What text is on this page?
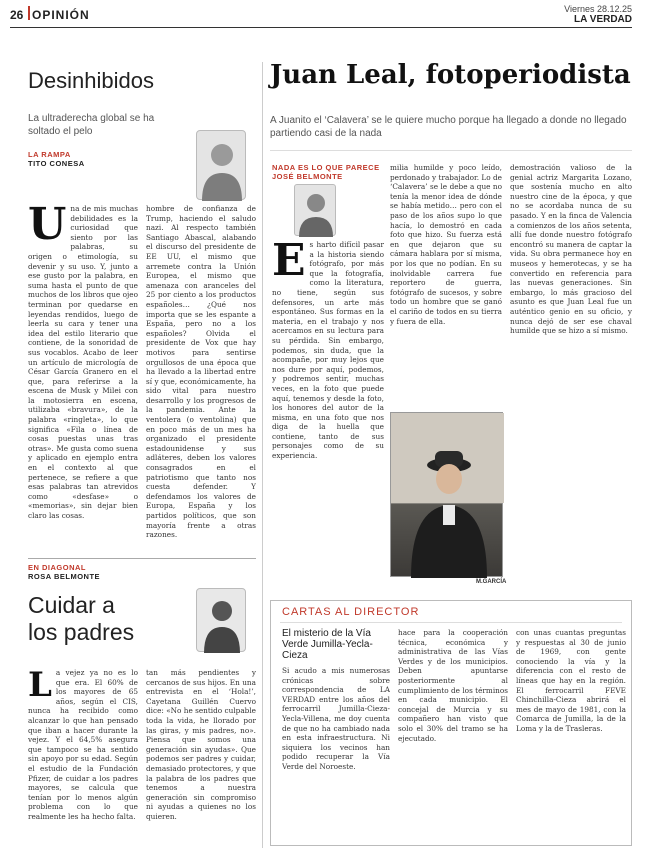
26 OPINIÓN	Viernes 28.12.25
LA VERDAD
Desinhibidos
La ultraderecha global se ha soltado el pelo
LA RAMPA
TITO CONESA
Una de mis muchas debilidades es la curiosidad que siento por las palabras, su origen o etimología, su devenir y su uso. Y, junto a ese gusto por la palabra, en suma hasta el punto de que muchos de los libros que ojeo terminan por quedarse en leyendas rendidos, luego de leerla su cara y tener una idea del estilo literario que contiene, de la sonoridad de sus vocablos. Acabo de leer un artículo de micrología de César García Granero en el que, para referirse a la escena de Musk y Milei con la motosierra en escena, utilizaba «bravura», de la palabra «ringleta», lo que significa «Fila o línea de cosas puestas unas tras otras». Me gusta como suena y aplicado en ejemplo entra en el contexto al que pertenece, se refiere a que esas palabras tan atrevidos como «desfase» o «memorias», sin dejar bien claro las cosas.
hombre de confianza de Trump, haciendo el saludo nazi. Al respecto también Santiago Abascal, alabando el discurso del presidente de EE UU, el mismo que arremete contra la Unión Europea, el mismo que amenaza con aranceles del 25 por ciento a los productos españoles… ¿Qué nos importa que se les espante a España, pero no a los españoles? Olvida el presidente de Vox que hay motivos para sentirse orgullosos de una época que ha llevado a la libertad entre sí y que, económicamente, ha sido vital para nuestro desarrollo y los progresos de la pandemia. Ante la ventolera (o ventolina) que en poco más de un mes ha organizado el presidente estadounidense y sus adláteres, deben los valores consagrados en el patriotismo que tanto nos cuesta defender. Y defendamos los valores de Europa, España y los partidos políticos, que son mayoría frente a otras razones.
EN DIAGONAL
ROSA BELMONTE
Cuidar a los padres
La vejez ya no es lo que era. El 60% de los mayores de 65 años, según el CIS, nunca ha recibido como alcanzar lo que han pensado que iban a hacer durante la vejez. Y el 64,5% asegura que tampoco se ha sentido sin apoyo por su edad. Según el estudio de la Fundación Pfizer, de cuidar a los padres mayores, se calcula que tenían por lo menos algún problema con lo que realmente les ha hecho falta.
tan más pendientes y cercanos de sus hijos. En una entrevista en el ‘Hola!’, Cayetana Guillén Cuervo dice: «No he sentido culpable toda la vida, he llorado por las giras, y mis padres, no». Piensa que somos una generación sin ayudas». Que podemos ser padres y cuidar, demasiado protectores, y que la palabra de los padres que tenemos a nuestra generación sin compromiso ni ayudas a quienes no los quieren.
Juan Leal, fotoperiodista
A Juanito el ‘Calavera’ se le quiere mucho porque ha llegado a donde no llegado partiendo casi de la nada
NADA ES LO QUE PARECE
JOSÉ BELMONTE
Es harto difícil pasar a la historia siendo fotógrafo, por más que la fotografía, como la literatura, no tiene, según sus defensores, un arte más espontáneo. Sus formas en la materia, en el trabajo y nos acercamos en su lectura para su pérdida. Sin embargo, podemos, sin duda, que la acompañe, por muy lejos que nos dure por aquí, podemos, y podremos sentir, muchas veces, en la foto que puede aquí, tenemos y desde la foto, los honores del autor de la misma, en una foto que nos diga de la huella que contiene, tanto de sus personajes como de su experiencia.
milia humilde y poco leído, perdonado y trabajador. Lo de ‘Calavera’ se le debe a que no tenía la menor idea de dónde se había metido… pero con el paso de los años supo lo que hacía, lo demostró en cada foto que hizo. Su fuerza está en que dejaron que su cámara hablara por sí misma, por los que no podían. En su inolvidable carrera fue reportero de guerra, fotógrafo de sucesos, y sobre todo un hombre que se ganó el cariño de todos en su tierra y fuera de ella.
demostración valioso de la genial actriz Margarita Lozano, que sostenía mucho en alto nuestro cine de la época, y que no se acordaba nunca de su pasado. Y en la finca de Valencia a comienzos de los años setenta, allí fue donde nuestro fotógrafo encontró su manera de captar la vida. Su obra permanece hoy en museos y hemerotecas, y se ha convertido en referencia para las nuevas generaciones. Sin embargo, lo más gracioso del asunto es que Juan Leal fue un auténtico genio en su oficio, y nunca dejó de ser ese chaval humilde que se hizo a sí mismo.
M.GARCÍA
CARTAS AL DIRECTOR
El misterio de la Vía Verde Jumilla-Yecla-Cieza
Si acudo a mis numerosas crónicas sobre correspondencia de LA VERDAD entre los años del ferrocarril Jumilla-Cieza-Yecla-Villena, me doy cuenta de que no ha cambiado nada en esta infraestructura. Ni siquiera los vecinos han podido recuperar la Vía Verde del Noroeste.
hace para la cooperación técnica, económica y administrativa de las Vías Verdes y de los municipios. Deben apuntarse posteriormente al cumplimiento de los términos en cada municipio. El concejal de Murcia y su compañero han visto que solo el 30% del tramo se ha ejecutado.
con unas cuantas preguntas y respuestas al 30 de junio de 1969, con gente conociendo la vía y la diferencia con el resto de líneas que hay en la región. El ferrocarril FEVE Chinchilla-Cieza abrirá el mes de mayo de 1981, con la Comarca de Jumilla, la de la Loma y la de Trasleras.
